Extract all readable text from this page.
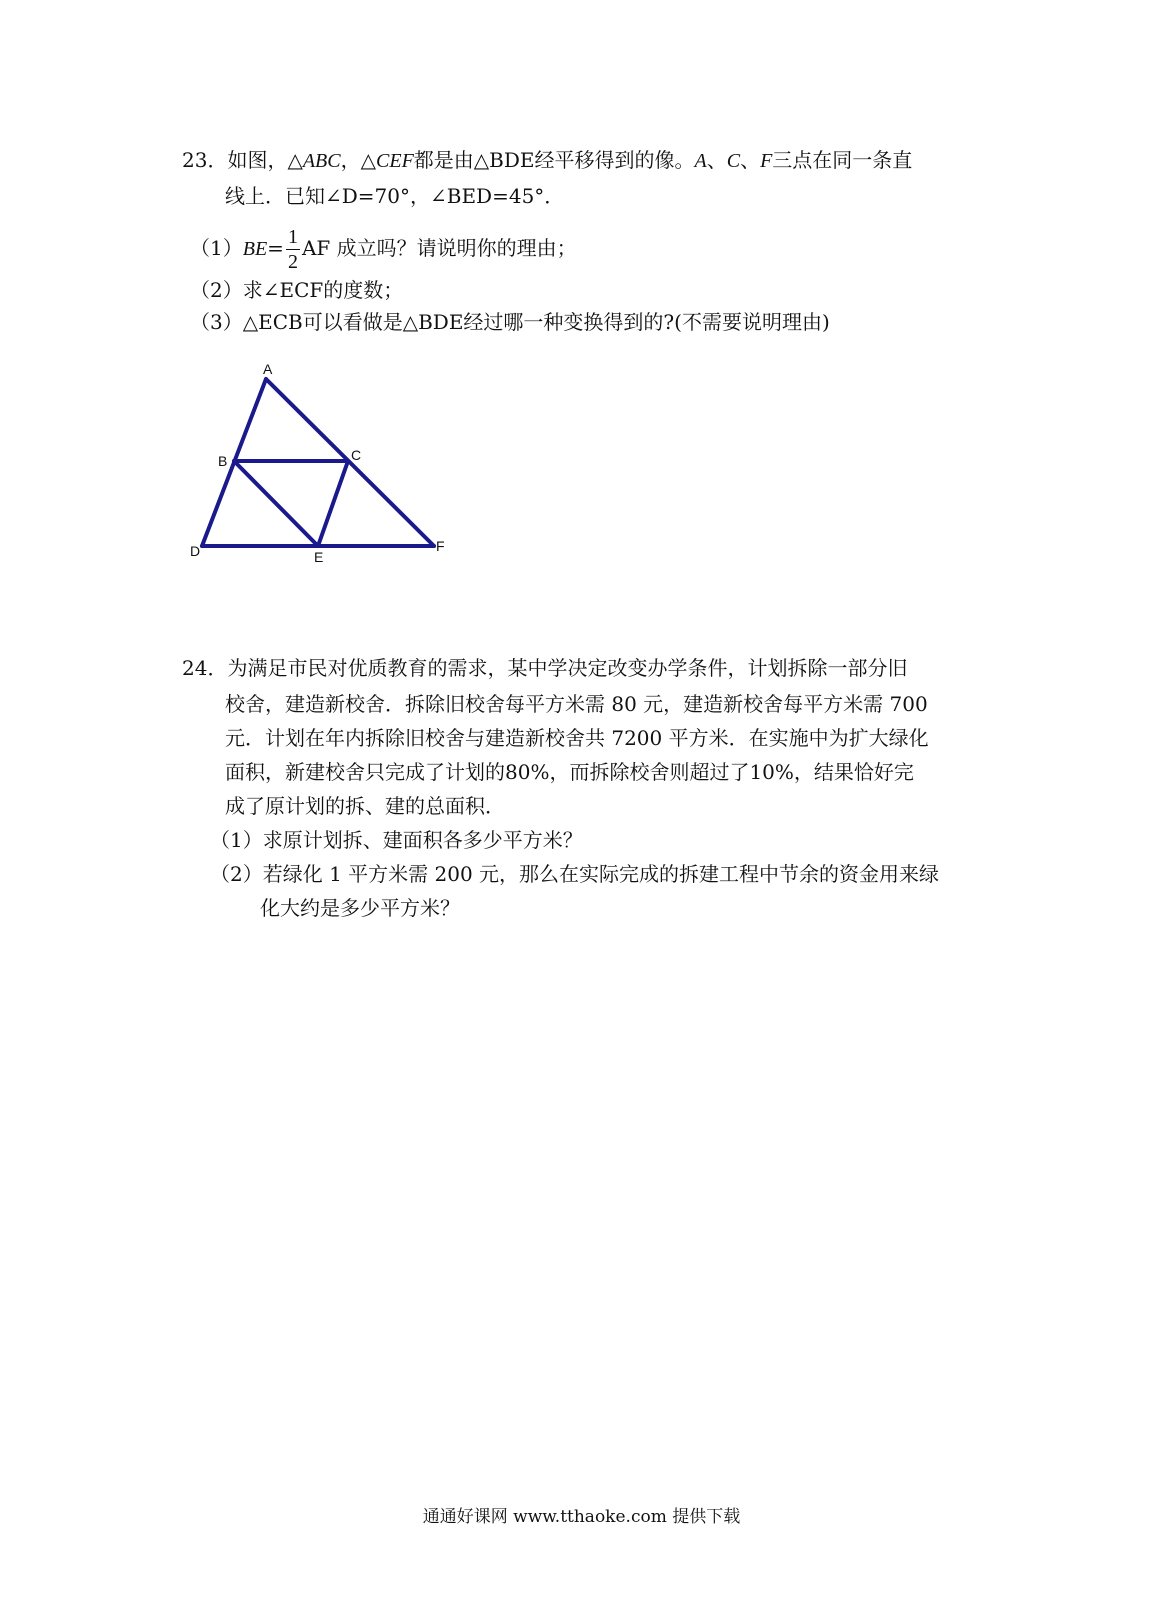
23．如图，△ABC，△CEF都是由△BDE经平移得到的像。A、C、F三点在同一条直
线上．已知∠D=70°，∠BED=45°．
$(1)BE= \frac{1}{2}$ AF 成立吗？请说明你的理由；
（2）求∠ECF的度数；
（3）△ECB可以看做是△BDE经过哪一种变换得到的?(不需要说明理由)
A
B	C
D	E
F
24．为满足市民对优质教育的需求，某中学决定改变办学条件，计划拆除一部分旧
校舍，建造新校舍．拆除旧校舍每平方米需 80 元，建造新校舍每平方米需 700
元．计划在年内拆除旧校舍与建造新校舍共 7200 平方米．在实施中为扩大绿化
面积，新建校舍只完成了计划的80%，而拆除校舍则超过了10%，结果恰好完
成了原计划的拆、建的总面积．
（1）求原计划拆、建面积各多少平方米？
（2）若绿化 1 平方米需 200 元，那么在实际完成的拆建工程中节余的资金用来绿
化大约是多少平方米？
通通好课网 www.tthaoke.com 提供下载
